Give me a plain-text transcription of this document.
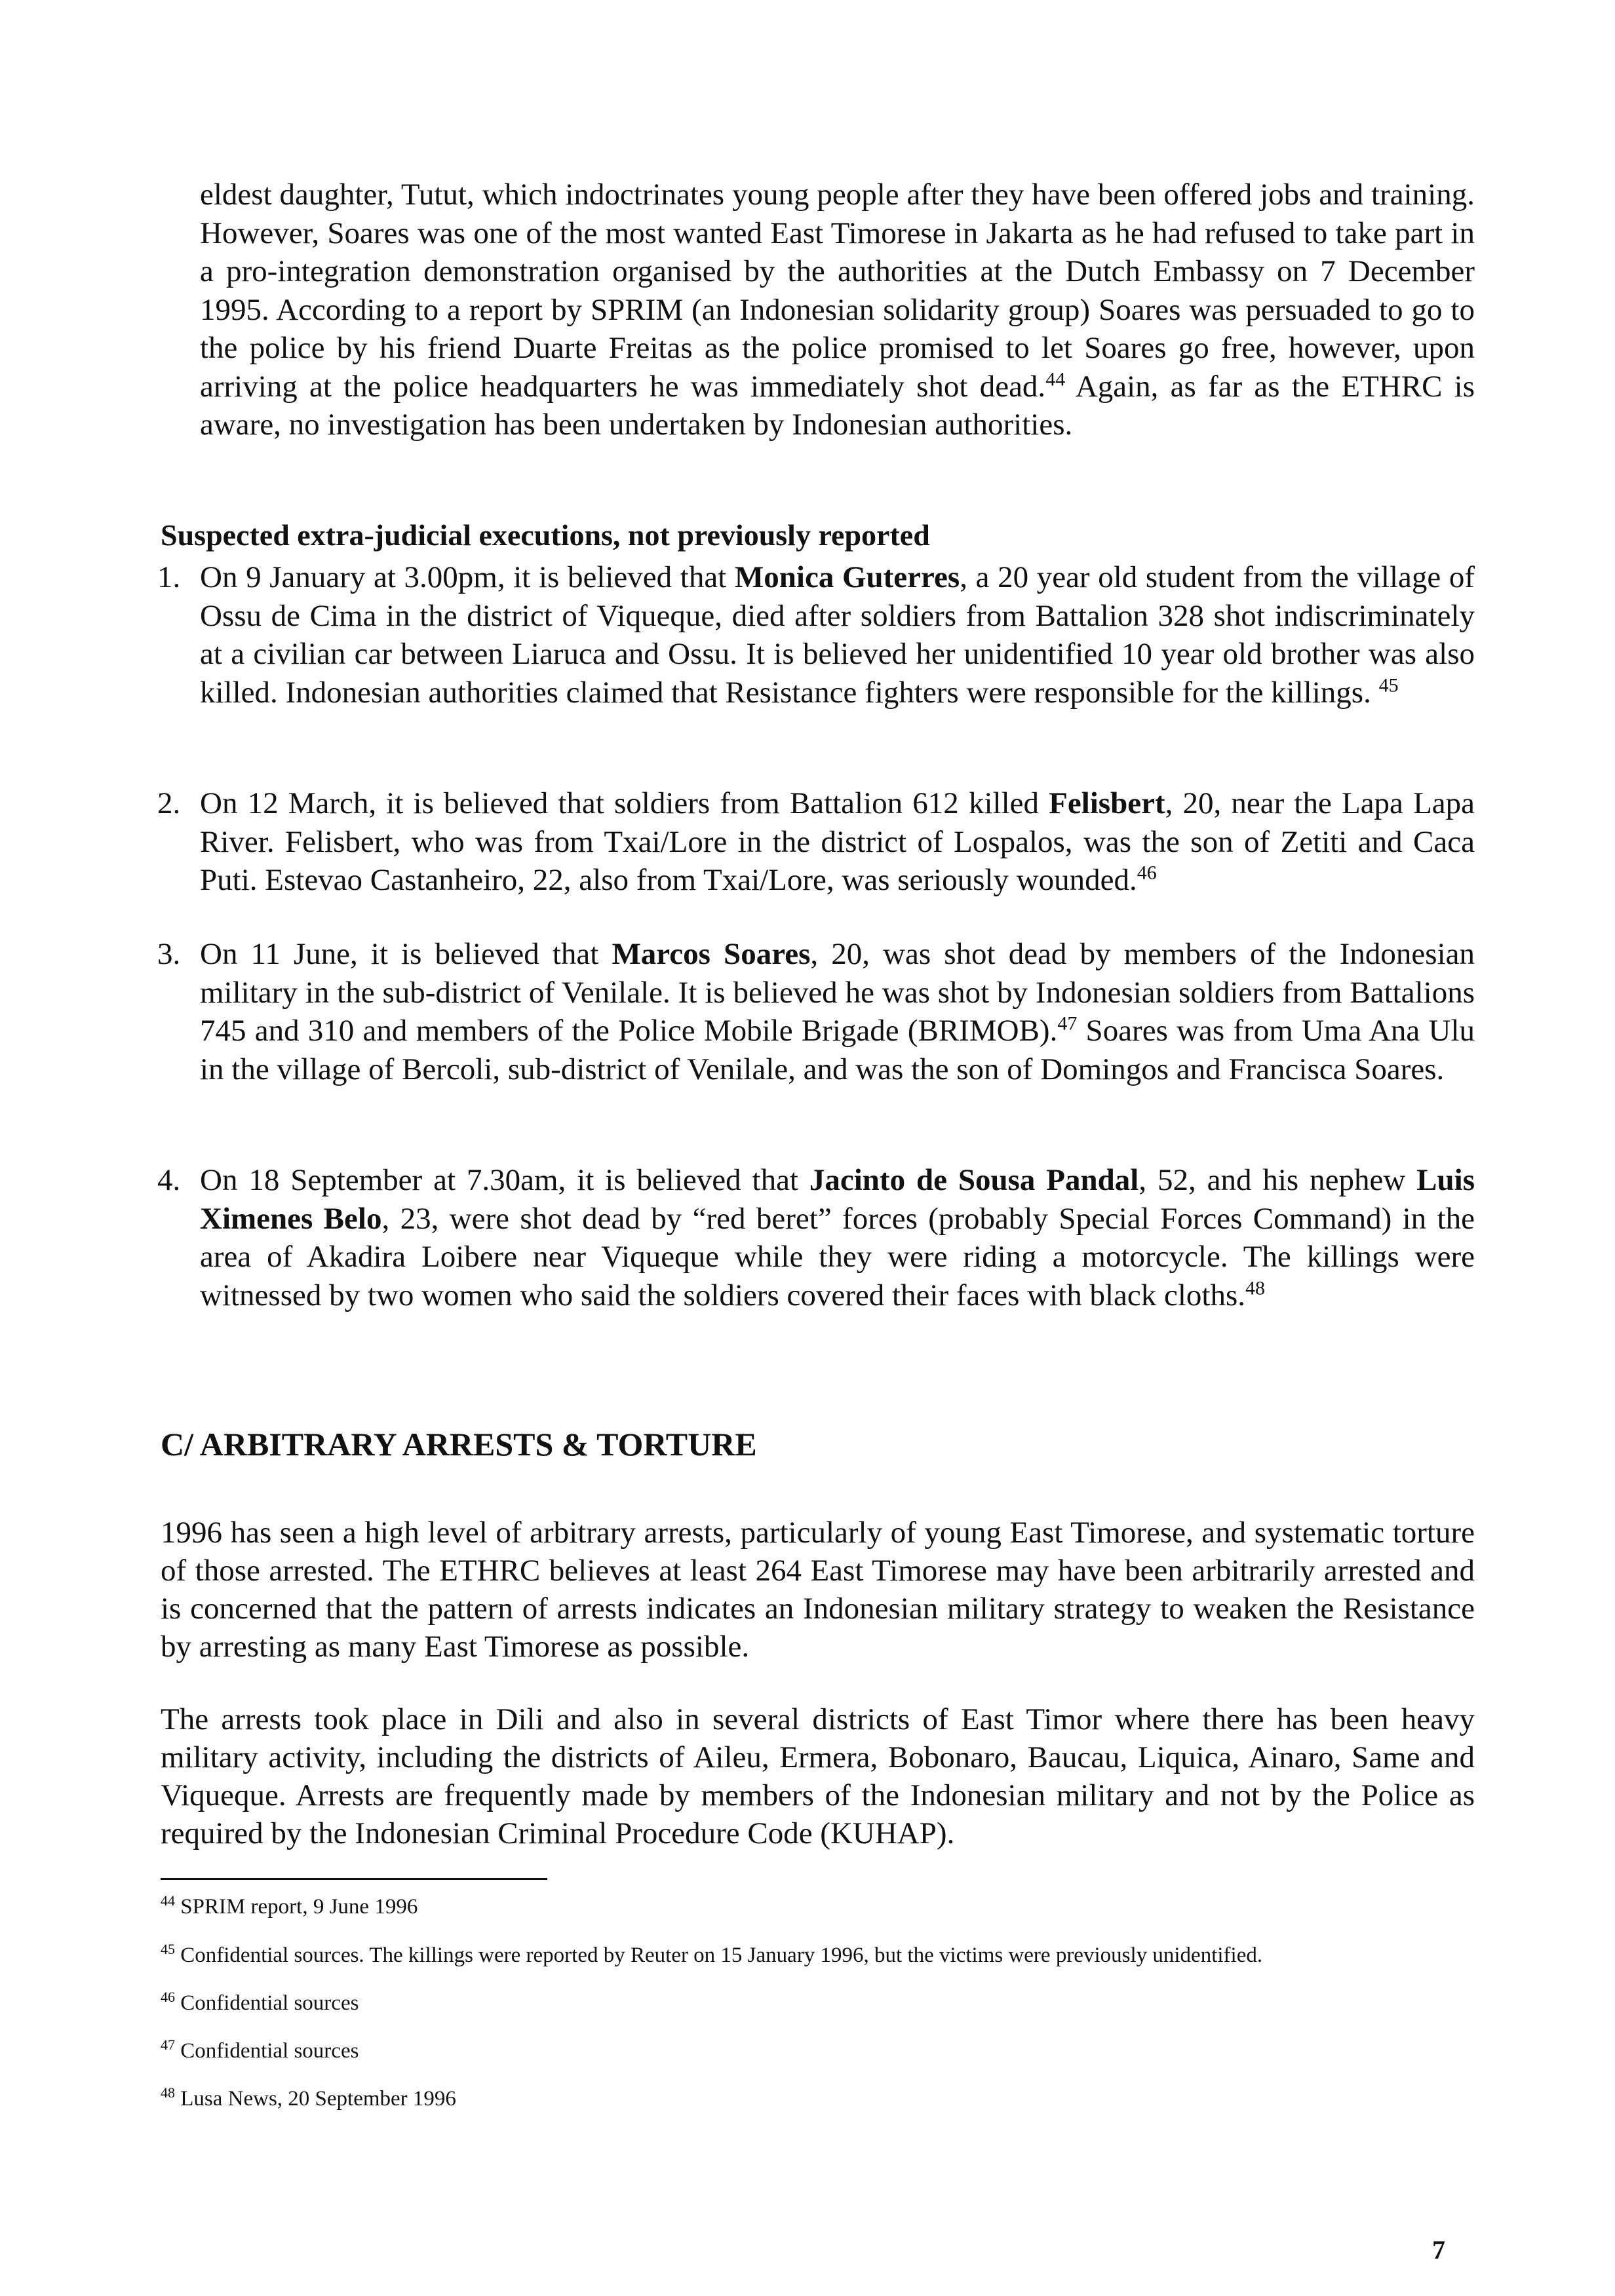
eldest daughter, Tutut, which indoctrinates young people after they have been offered jobs and training. However, Soares was one of the most wanted East Timorese in Jakarta as he had refused to take part in a pro-integration demonstration organised by the authorities at the Dutch Embassy on 7 December 1995. According to a report by SPRIM (an Indonesian solidarity group) Soares was persuaded to go to the police by his friend Duarte Freitas as the police promised to let Soares go free, however, upon arriving at the police headquarters he was immediately shot dead.$^{44}$ Again, as far as the ETHRC is aware, no investigation has been undertaken by Indonesian authorities.
Suspected extra-judicial executions, not previously reported
1. On 9 January at 3.00pm, it is believed that Monica Guterres, a 20 year old student from the village of Ossu de Cima in the district of Viqueque, died after soldiers from Battalion 328 shot indiscriminately at a civilian car between Liaruca and Ossu. It is believed her unidentified 10 year old brother was also killed. Indonesian authorities claimed that Resistance fighters were responsible for the killings. $^{45}$
2. On 12 March, it is believed that soldiers from Battalion 612 killed Felisbert, 20, near the Lapa Lapa River. Felisbert, who was from Txai/Lore in the district of Lospalos, was the son of Zetiti and Caca Puti. Estevao Castanheiro, 22, also from Txai/Lore, was seriously wounded.$^{46}$
3. On 11 June, it is believed that Marcos Soares, 20, was shot dead by members of the Indonesian military in the sub-district of Venilale. It is believed he was shot by Indonesian soldiers from Battalions 745 and 310 and members of the Police Mobile Brigade (BRIMOB).$^{47}$ Soares was from Uma Ana Ulu in the village of Bercoli, sub-district of Venilale, and was the son of Domingos and Francisca Soares.
4. On 18 September at 7.30am, it is believed that Jacinto de Sousa Pandal, 52, and his nephew Luis Ximenes Belo, 23, were shot dead by “red beret” forces (probably Special Forces Command) in the area of Akadira Loibere near Viqueque while they were riding a motorcycle. The killings were witnessed by two women who said the soldiers covered their faces with black cloths.$^{48}$
C/ ARBITRARY ARRESTS & TORTURE
1996 has seen a high level of arbitrary arrests, particularly of young East Timorese, and systematic torture of those arrested. The ETHRC believes at least 264 East Timorese may have been arbitrarily arrested and is concerned that the pattern of arrests indicates an Indonesian military strategy to weaken the Resistance by arresting as many East Timorese as possible.
The arrests took place in Dili and also in several districts of East Timor where there has been heavy military activity, including the districts of Aileu, Ermera, Bobonaro, Baucau, Liquica, Ainaro, Same and Viqueque. Arrests are frequently made by members of the Indonesian military and not by the Police as required by the Indonesian Criminal Procedure Code (KUHAP).
$^{44}$ SPRIM report, 9 June 1996
$^{45}$ Confidential sources. The killings were reported by Reuter on 15 January 1996, but the victims were previously unidentified.
$^{46}$ Confidential sources
$^{47}$ Confidential sources
$^{48}$ Lusa News, 20 September 1996
7
